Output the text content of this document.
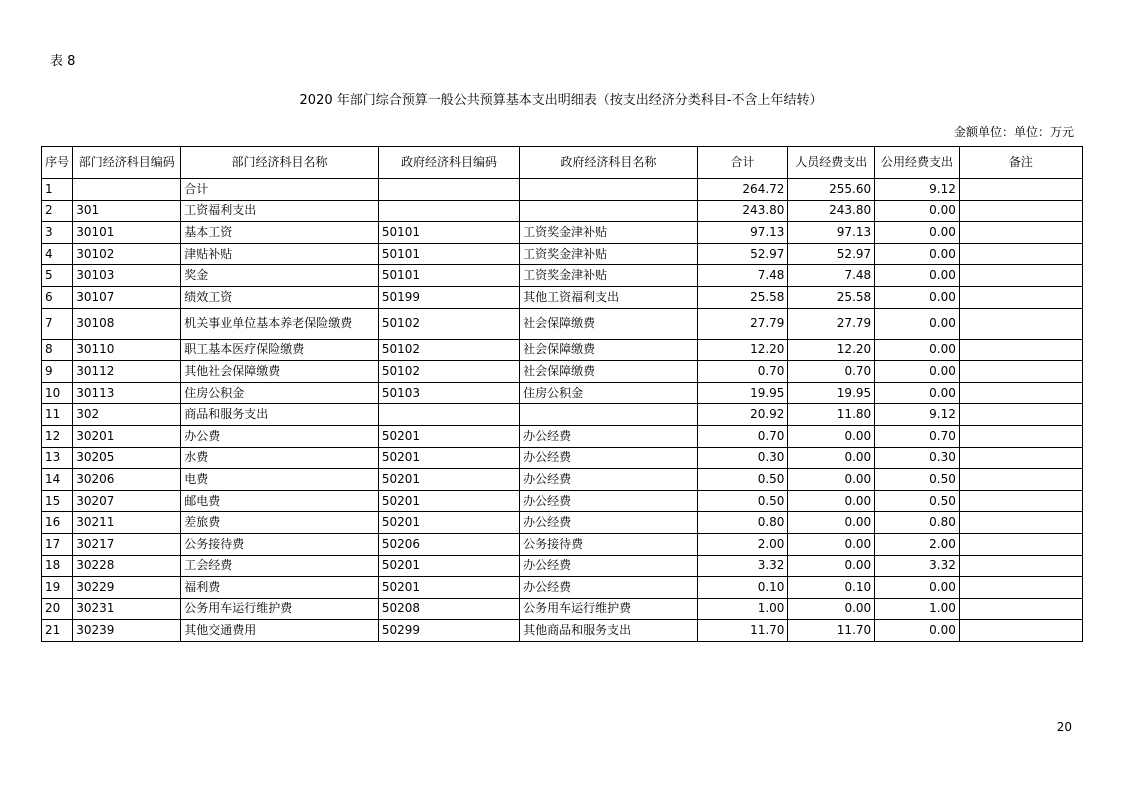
表 8
2020 年部门综合预算一般公共预算基本支出明细表（按支出经济分类科目-不含上年结转）
金额单位：单位：万元
序号	部门经济科目编码	部门经济科目名称	政府经济科目编码	政府经济科目名称	合计	人员经费支出	公用经费支出	备注
1		合计			264.72	255.60	9.12	
2	301	工资福利支出			243.80	243.80	0.00	
3	30101	基本工资	50101	工资奖金津补贴	97.13	97.13	0.00	
4	30102	津贴补贴	50101	工资奖金津补贴	52.97	52.97	0.00	
5	30103	奖金	50101	工资奖金津补贴	7.48	7.48	0.00	
6	30107	绩效工资	50199	其他工资福利支出	25.58	25.58	0.00	
7	30108	机关事业单位基本养老保险缴费	50102	社会保障缴费	27.79	27.79	0.00	
8	30110	职工基本医疗保险缴费	50102	社会保障缴费	12.20	12.20	0.00	
9	30112	其他社会保障缴费	50102	社会保障缴费	0.70	0.70	0.00	
10	30113	住房公积金	50103	住房公积金	19.95	19.95	0.00	
11	302	商品和服务支出			20.92	11.80	9.12	
12	30201	办公费	50201	办公经费	0.70	0.00	0.70	
13	30205	水费	50201	办公经费	0.30	0.00	0.30	
14	30206	电费	50201	办公经费	0.50	0.00	0.50	
15	30207	邮电费	50201	办公经费	0.50	0.00	0.50	
16	30211	差旅费	50201	办公经费	0.80	0.00	0.80	
17	30217	公务接待费	50206	公务接待费	2.00	0.00	2.00	
18	30228	工会经费	50201	办公经费	3.32	0.00	3.32	
19	30229	福利费	50201	办公经费	0.10	0.10	0.00	
20	30231	公务用车运行维护费	50208	公务用车运行维护费	1.00	0.00	1.00	
21	30239	其他交通费用	50299	其他商品和服务支出	11.70	11.70	0.00	
20
